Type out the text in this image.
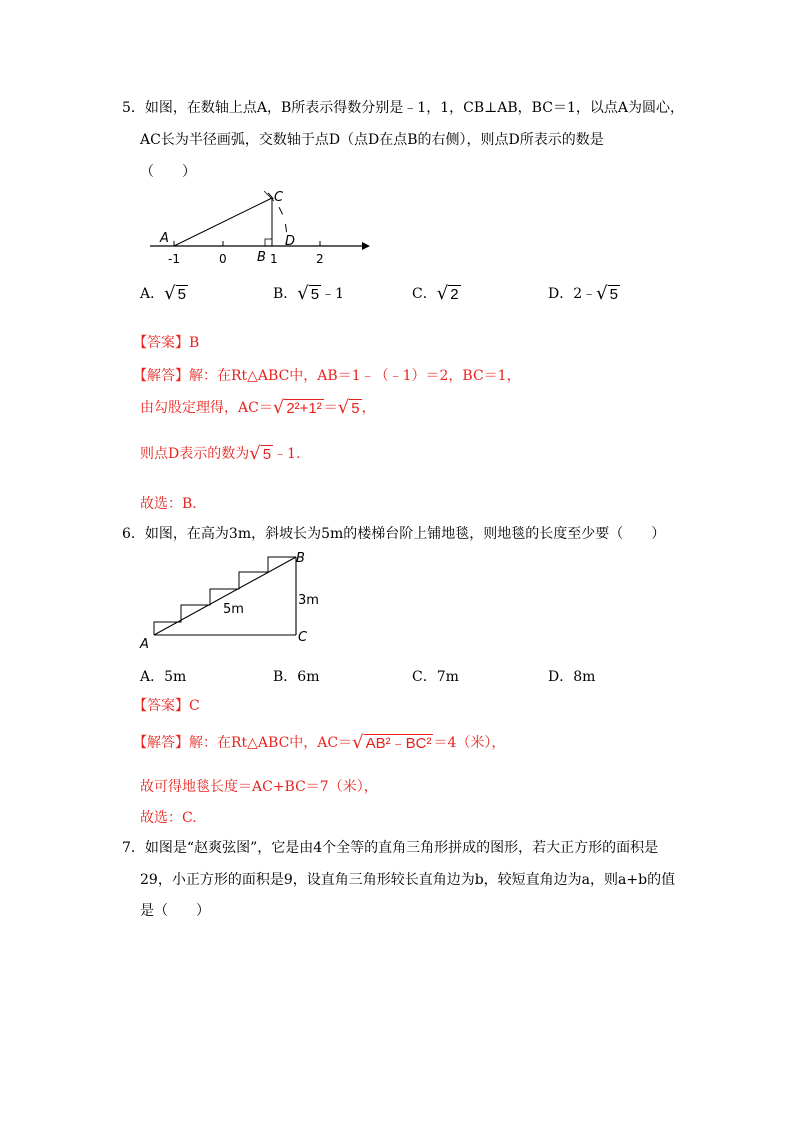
5．如图，在数轴上点A，B所表示得数分别是﹣1，1，CB⊥AB，BC＝1，以点A为圆心，
AC长为半径画弧，交数轴于点D（点D在点B的右侧），则点D所表示的数是
（　　）
A
C
B
D
-1	0	1	2
A． √ 5	B． √ 5 ﹣1	C． √ 2	D．2﹣ √ 5
【答案】B
【解答】解：在Rt△ABC中，AB＝1﹣（﹣1）＝2，BC＝1，
由勾股定理得，AC＝ √ 2²+1² ＝ √ 5 ，
则点D表示的数为 √ 5 ﹣1.
故选：B.
6．如图，在高为3m，斜坡长为5m的楼梯台阶上铺地毯，则地毯的长度至少要（　　）
A
B
C
5m
3m
A．5m	B．6m	C．7m	D．8m
【答案】C
【解答】解：在Rt△ABC中，AC＝ √ AB²﹣BC² ＝4（米），
故可得地毯长度＝AC+BC＝7（米），
故选：C.
7．如图是“赵爽弦图”，它是由4个全等的直角三角形拼成的图形，若大正方形的面积是
29，小正方形的面积是9，设直角三角形较长直角边为b，较短直角边为a，则a+b的值
是（　　）
